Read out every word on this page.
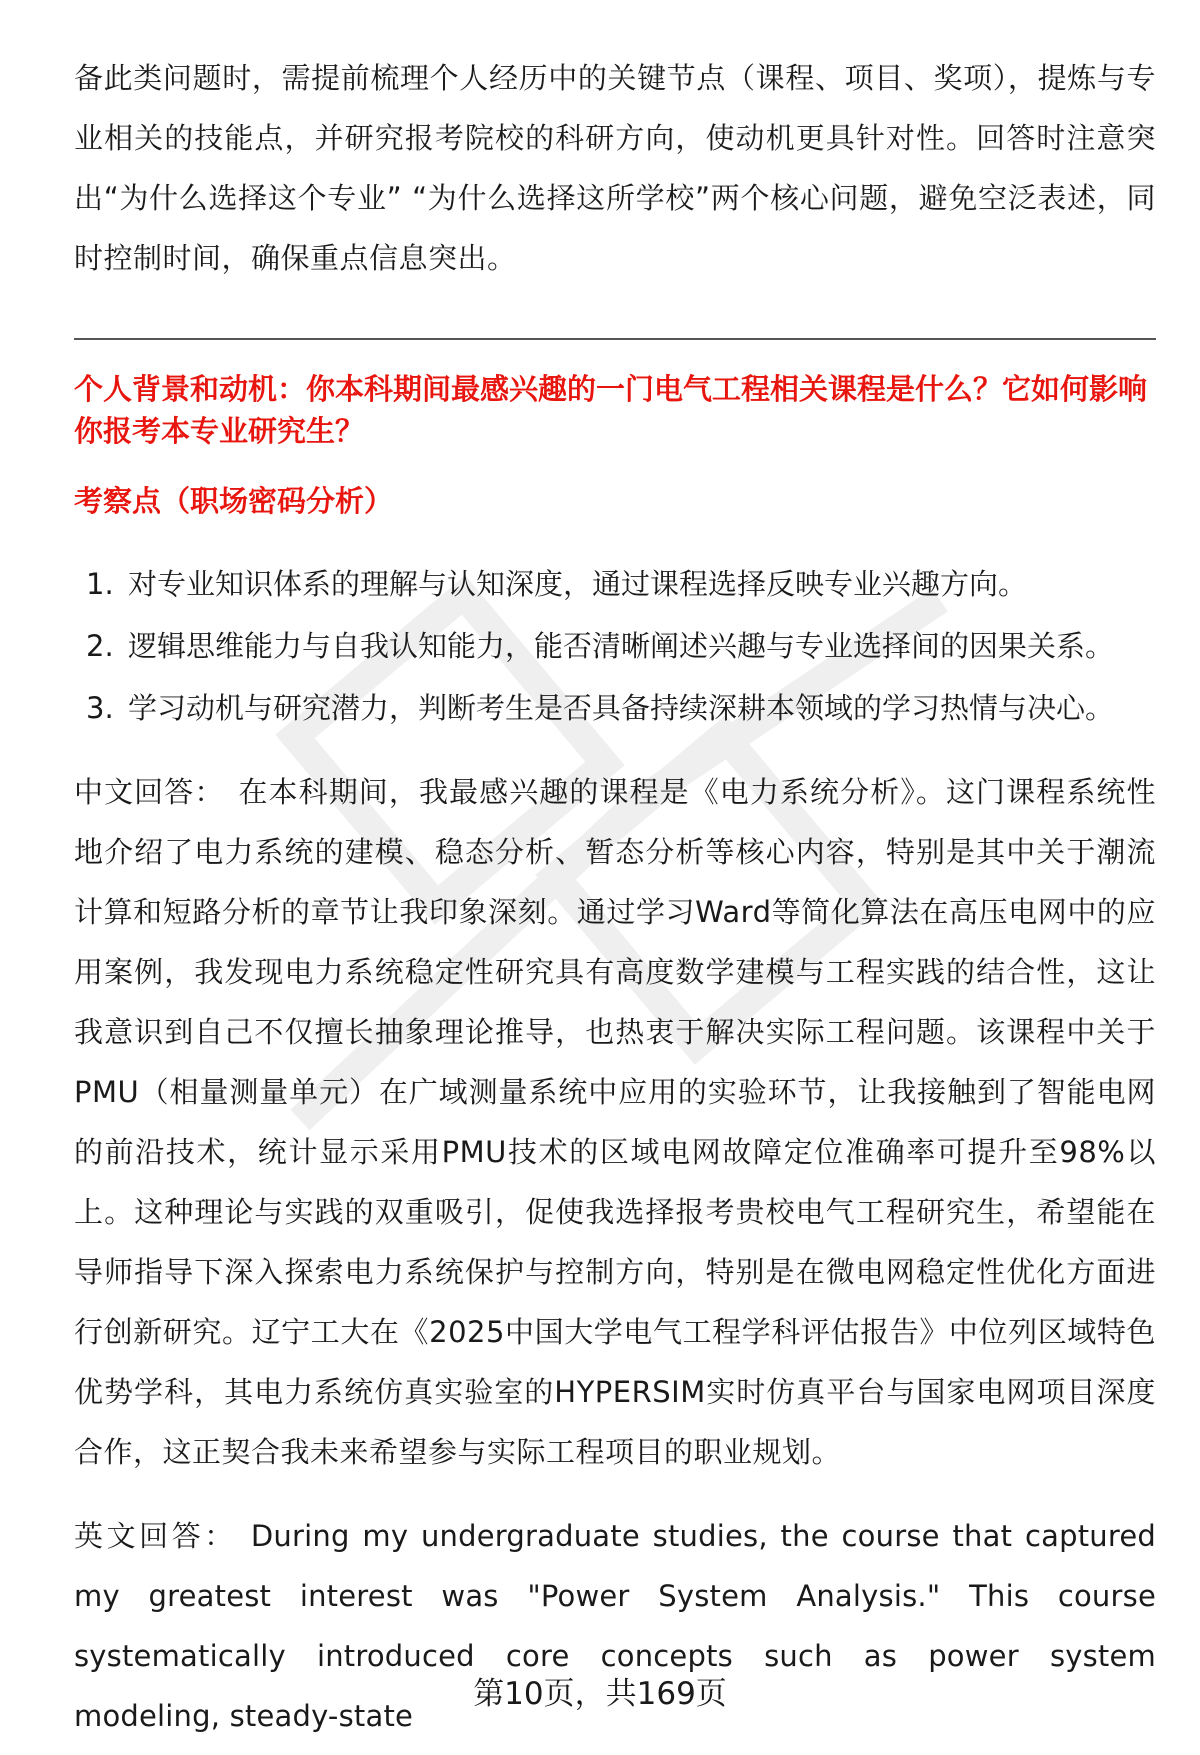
备此类问题时，需提前梳理个人经历中的关键节点（课程、项目、奖项），提炼与专业相关的技能点，并研究报考院校的科研方向，使动机更具针对性。回答时注意突出“为什么选择这个专业” “为什么选择这所学校”两个核心问题，避免空泛表述，同时控制时间，确保重点信息突出。

个人背景和动机：你本科期间最感兴趣的一门电气工程相关课程是什么？它如何影响你报考本专业研究生？

考察点（职场密码分析）

1. 对专业知识体系的理解与认知深度，通过课程选择反映专业兴趣方向。
2. 逻辑思维能力与自我认知能力，能否清晰阐述兴趣与专业选择间的因果关系。
3. 学习动机与研究潜力，判断考生是否具备持续深耕本领域的学习热情与决心。

中文回答： 在本科期间，我最感兴趣的课程是《电力系统分析》。这门课程系统性地介绍了电力系统的建模、稳态分析、暂态分析等核心内容，特别是其中关于潮流计算和短路分析的章节让我印象深刻。通过学习Ward等简化算法在高压电网中的应用案例，我发现电力系统稳定性研究具有高度数学建模与工程实践的结合性，这让我意识到自己不仅擅长抽象理论推导，也热衷于解决实际工程问题。该课程中关于PMU（相量测量单元）在广域测量系统中应用的实验环节，让我接触到了智能电网的前沿技术，统计显示采用PMU技术的区域电网故障定位准确率可提升至98%以上。这种理论与实践的双重吸引，促使我选择报考贵校电气工程研究生，希望能在导师指导下深入探索电力系统保护与控制方向，特别是在微电网稳定性优化方面进行创新研究。辽宁工大在《2025中国大学电气工程学科评估报告》中位列区域特色优势学科，其电力系统仿真实验室的HYPERSIM实时仿真平台与国家电网项目深度合作，这正契合我未来希望参与实际工程项目的职业规划。

英文回答： During my undergraduate studies, the course that captured my greatest interest was "Power System Analysis." This course systematically introduced core concepts such as power system modeling, steady-state

第10页，共169页
